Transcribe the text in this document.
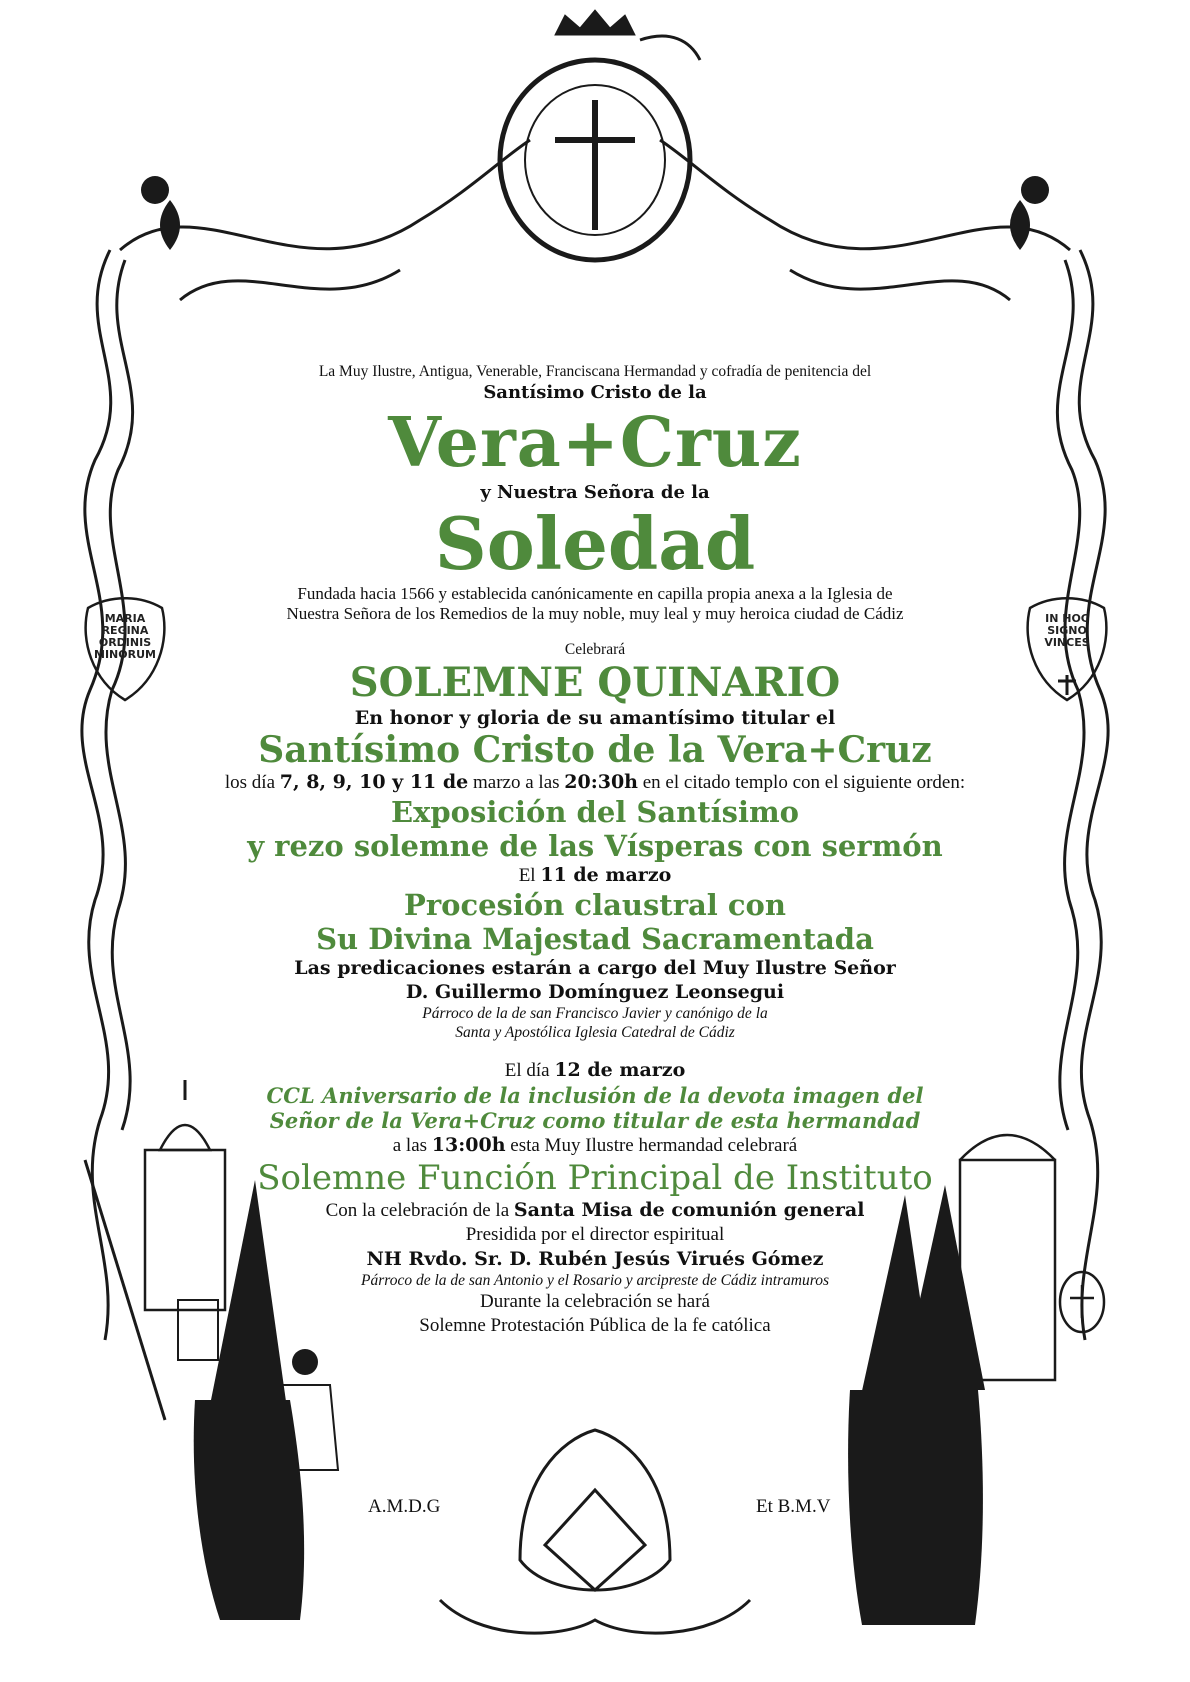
MARIA
REGINA
ORDINIS
MINORUM
IN HOC
SIGNO
VINCES
La Muy Ilustre, Antigua, Venerable, Franciscana Hermandad y cofradía de penitencia del
Santísimo Cristo de la
Vera+Cruz
y Nuestra Señora de la
Soledad
Fundada hacia 1566 y establecida canónicamente en capilla propia anexa a la Iglesia de
Nuestra Señora de los Remedios de la muy noble, muy leal y muy heroica ciudad de Cádiz
Celebrará
SOLEMNE QUINARIO
En honor y gloria de su amantísimo titular el
Santísimo Cristo de la Vera+Cruz
los día 7, 8, 9, 10 y 11 de marzo a las 20:30h en el citado templo con el siguiente orden:
Exposición del Santísimo
y rezo solemne de las Vísperas con sermón
El 11 de marzo
Procesión claustral con
Su Divina Majestad Sacramentada
Las predicaciones estarán a cargo del Muy Ilustre Señor
D. Guillermo Domínguez Leonsegui
Párroco de la de san Francisco Javier y canónigo de la
Santa y Apostólica Iglesia Catedral de Cádiz
El día 12 de marzo
CCL Aniversario de la inclusión de la devota imagen del
Señor de la Vera+Cruz como titular de esta hermandad
a las 13:00h esta Muy Ilustre hermandad celebrará
Solemne Función Principal de Instituto
Con la celebración de la Santa Misa de comunión general
Presidida por el director espiritual
NH Rvdo. Sr. D. Rubén Jesús Virués Gómez
Párroco de la de san Antonio y el Rosario y arcipreste de Cádiz intramuros
Durante la celebración se hará
Solemne Protestación Pública de la fe católica
A.M.D.G	Et B.M.V
